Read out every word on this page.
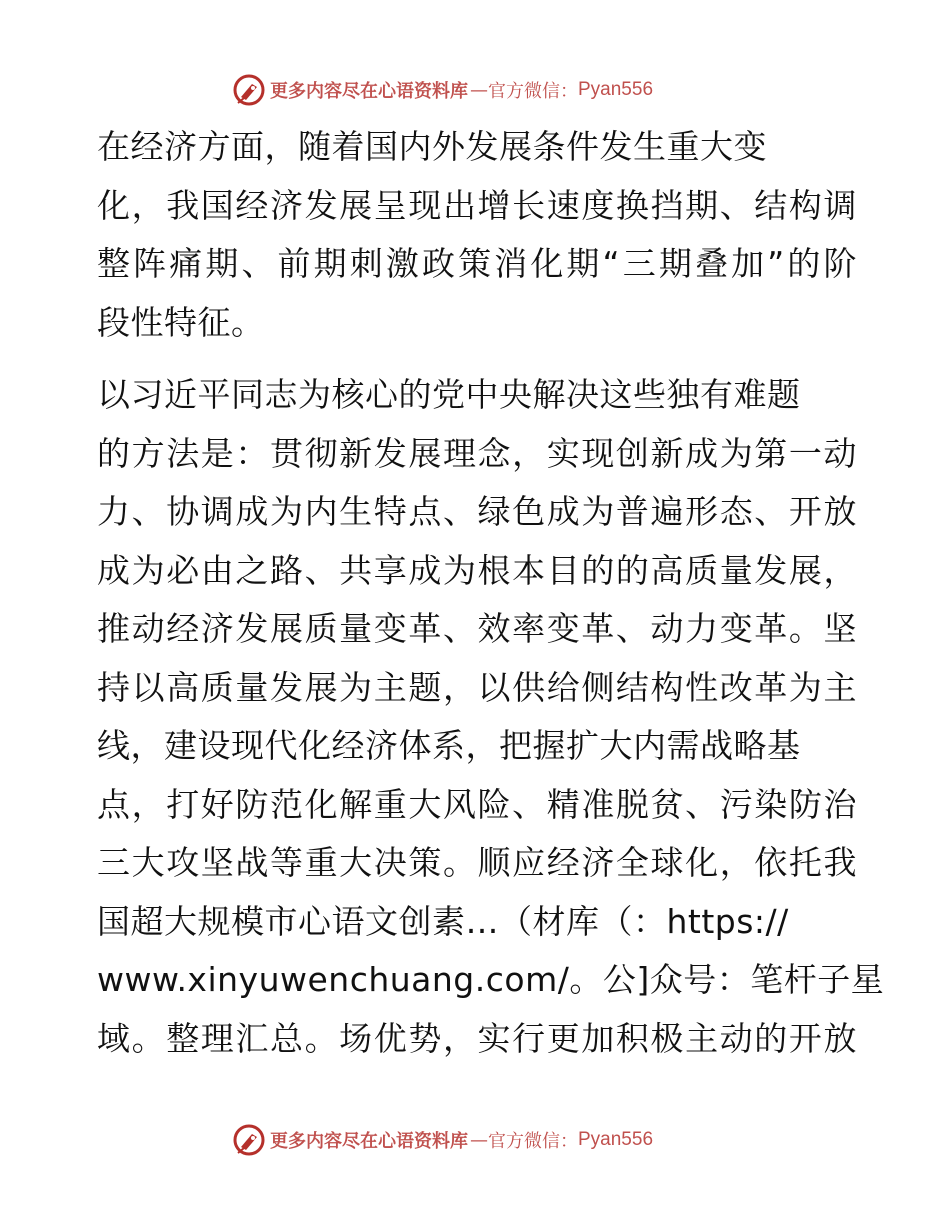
更多内容尽在心语资料库 — 官方微信： Pyan556
在经济方面，随着国内外发展条件发生重大变
化，我国经济发展呈现出增长速度换挡期、结构调
整阵痛期、前期刺激政策消化期“三期叠加”的阶
段性特征。
以习近平同志为核心的党中央解决这些独有难题
的方法是：贯彻新发展理念，实现创新成为第一动
力、协调成为内生特点、绿色成为普遍形态、开放
成为必由之路、共享成为根本目的的高质量发展，
推动经济发展质量变革、效率变革、动力变革。坚
持以高质量发展为主题，以供给侧结构性改革为主
线，建设现代化经济体系，把握扩大内需战略基
点，打好防范化解重大风险、精准脱贫、污染防治
三大攻坚战等重大决策。顺应经济全球化，依托我
国超大规模市心语文创素…（材库（：https://
www.xinyuwenchuang.com/。公]众号：笔杆子星
域。整理汇总。场优势，实行更加积极主动的开放
更多内容尽在心语资料库 — 官方微信： Pyan556
